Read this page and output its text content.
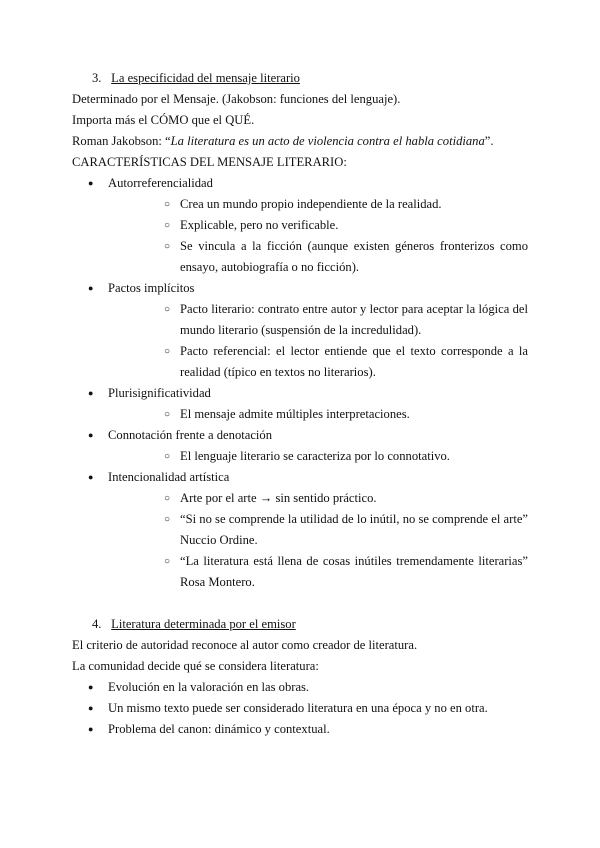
3. La especificidad del mensaje literario
Determinado por el Mensaje. (Jakobson: funciones del lenguaje).
Importa más el CÓMO que el QUÉ.
Roman Jakobson: “La literatura es un acto de violencia contra el habla cotidiana”.
CARACTERÍSTICAS DEL MENSAJE LITERARIO:
● Autorreferencialidad
○ Crea un mundo propio independiente de la realidad.
○ Explicable, pero no verificable.
○ Se vincula a la ficción (aunque existen géneros fronterizos como ensayo, autobiografía o no ficción).
● Pactos implícitos
○ Pacto literario: contrato entre autor y lector para aceptar la lógica del mundo literario (suspensión de la incredulidad).
○ Pacto referencial: el lector entiende que el texto corresponde a la realidad (típico en textos no literarios).
● Plurisignificatividad
○ El mensaje admite múltiples interpretaciones.
● Connotación frente a denotación
○ El lenguaje literario se caracteriza por lo connotativo.
● Intencionalidad artística
○ Arte por el arte → sin sentido práctico.
○ “Si no se comprende la utilidad de lo inútil, no se comprende el arte” Nuccio Ordine.
○ “La literatura está llena de cosas inútiles tremendamente literarias” Rosa Montero.
4. Literatura determinada por el emisor
El criterio de autoridad reconoce al autor como creador de literatura.
La comunidad decide qué se considera literatura:
● Evolución en la valoración en las obras.
● Un mismo texto puede ser considerado literatura en una época y no en otra.
● Problema del canon: dinámico y contextual.
